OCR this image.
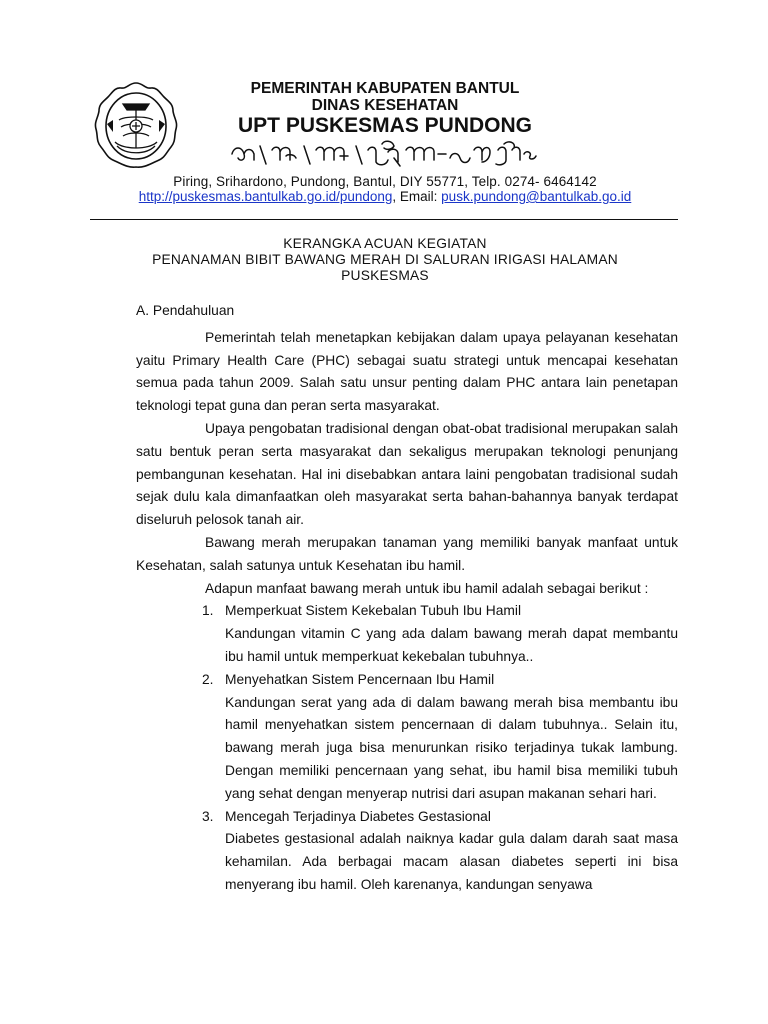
PEMERINTAH KABUPATEN BANTUL
DINAS KESEHATAN
UPT PUSKESMAS PUNDONG
Piring, Srihardono, Pundong, Bantul, DIY 55771, Telp. 0274- 6464142
http://puskesmas.bantulkab.go.id/pundong, Email: pusk.pundong@bantulkab.go.id
KERANGKA ACUAN KEGIATAN
PENANAMAN BIBIT BAWANG MERAH DI SALURAN IRIGASI HALAMAN
PUSKESMAS
A. Pendahuluan

Pemerintah telah menetapkan kebijakan dalam upaya pelayanan kesehatan yaitu Primary Health Care (PHC) sebagai suatu strategi untuk mencapai kesehatan semua pada tahun 2009. Salah satu unsur penting dalam PHC antara lain penetapan teknologi tepat guna dan peran serta masyarakat.

Upaya pengobatan tradisional dengan obat-obat tradisional merupakan salah satu bentuk peran serta masyarakat dan sekaligus merupakan teknologi penunjang pembangunan kesehatan. Hal ini disebabkan antara laini pengobatan tradisional sudah sejak dulu kala dimanfaatkan oleh masyarakat serta bahan-bahannya banyak terdapat diseluruh pelosok tanah air.

Bawang merah merupakan tanaman yang memiliki banyak manfaat untuk Kesehatan, salah satunya untuk Kesehatan ibu hamil.

Adapun manfaat bawang merah untuk ibu hamil adalah sebagai berikut :

1. Memperkuat Sistem Kekebalan Tubuh Ibu Hamil

Kandungan vitamin C yang ada dalam bawang merah dapat membantu ibu hamil untuk memperkuat kekebalan tubuhnya..

2. Menyehatkan Sistem Pencernaan Ibu Hamil

Kandungan serat yang ada di dalam bawang merah bisa membantu ibu hamil menyehatkan sistem pencernaan di dalam tubuhnya.. Selain itu, bawang merah juga bisa menurunkan risiko terjadinya tukak lambung. Dengan memiliki pencernaan yang sehat, ibu hamil bisa memiliki tubuh yang sehat dengan menyerap nutrisi dari asupan makanan sehari hari.

3. Mencegah Terjadinya Diabetes Gestasional

Diabetes gestasional adalah naiknya kadar gula dalam darah saat masa kehamilan. Ada berbagai macam alasan diabetes seperti ini bisa menyerang ibu hamil. Oleh karenanya, kandungan senyawa
